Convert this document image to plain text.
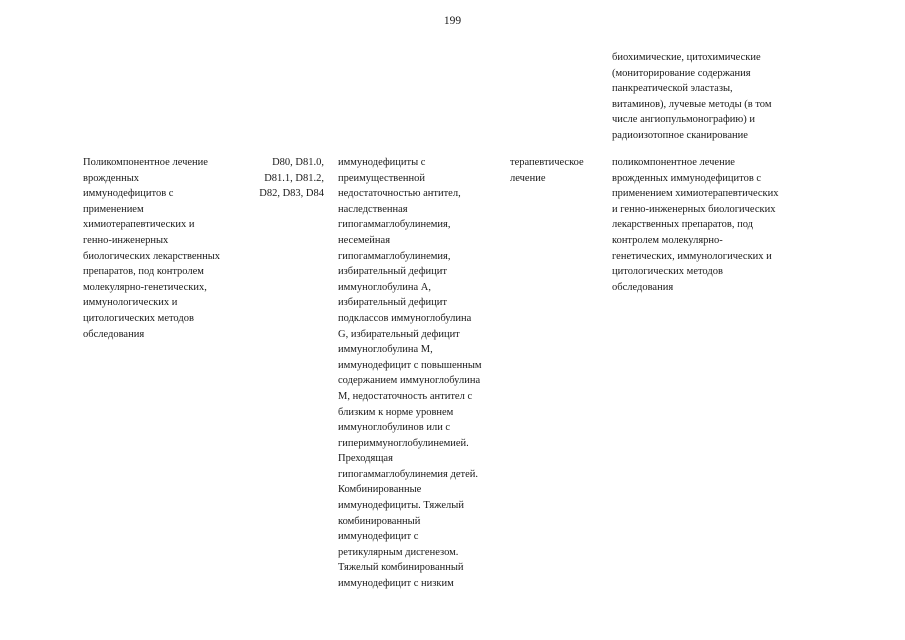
199
биохимические, цитохимические
(мониторирование содержания
панкреатической эластазы,
витаминов), лучевые методы (в том
числе ангиопульмонографию) и
радиоизотопное сканирование
Поликомпонентное лечение
врожденных
иммунодефицитов с
применением
химиотерапевтических и
генно-инженерных
биологических лекарственных
препаратов, под контролем
молекулярно-генетических,
иммунологических и
цитологических методов
обследования
D80, D81.0,
D81.1, D81.2,
D82, D83, D84
иммунодефициты с
преимущественной
недостаточностью антител,
наследственная
гипогаммаглобулинемия,
несемейная
гипогаммаглобулинемия,
избирательный дефицит
иммуноглобулина A,
избирательный дефицит
подклассов иммуноглобулина
G, избирательный дефицит
иммуноглобулина M,
иммунодефицит с повышенным
содержанием иммуноглобулина
M, недостаточность антител с
близким к норме уровнем
иммуноглобулинов или с
гипериммуноглобулинемией.
Преходящая
гипогаммаглобулинемия детей.
Комбинированные
иммунодефициты. Тяжелый
комбинированный
иммунодефицит с
ретикулярным дисгенезом.
Тяжелый комбинированный
иммунодефицит с низким
терапевтическое
лечение
поликомпонентное лечение
врожденных иммунодефицитов с
применением химиотерапевтических
и генно-инженерных биологических
лекарственных препаратов, под
контролем молекулярно-
генетических, иммунологических и
цитологических методов
обследования
